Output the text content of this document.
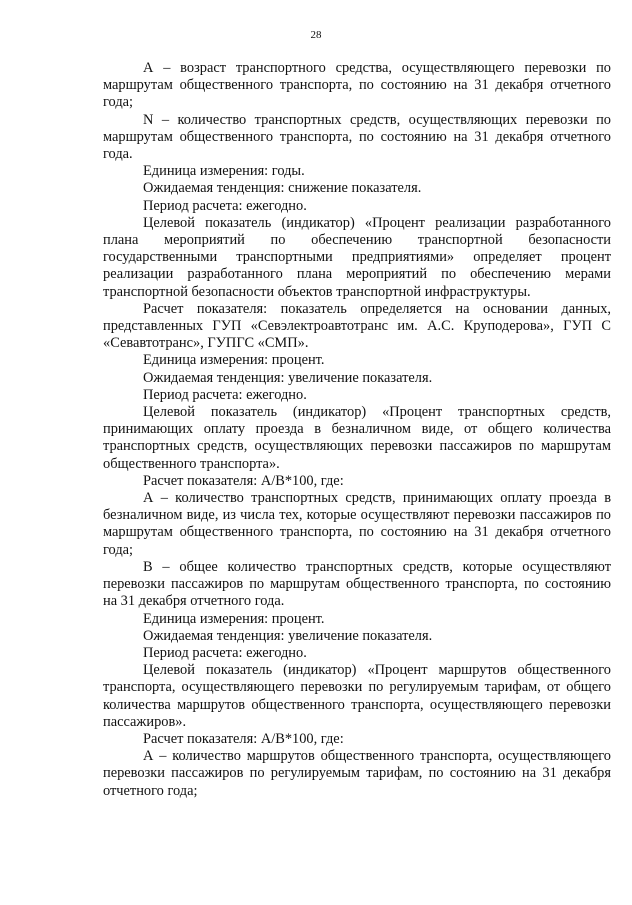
28

А – возраст транспортного средства, осуществляющего перевозки по маршрутам общественного транспорта, по состоянию на 31 декабря отчетного года;

N – количество транспортных средств, осуществляющих перевозки по маршрутам общественного транспорта, по состоянию на 31 декабря отчетного года.

Единица измерения: годы.

Ожидаемая тенденция: снижение показателя.

Период расчета: ежегодно.

Целевой показатель (индикатор) «Процент реализации разработанного плана мероприятий по обеспечению транспортной безопасности государственными транспортными предприятиями» определяет процент реализации разработанного плана мероприятий по обеспечению мерами транспортной безопасности объектов транспортной инфраструктуры.

Расчет показателя: показатель определяется на основании данных, представленных ГУП «Севэлектроавтотранс им. А.С. Круподерова», ГУП С «Севавтотранс», ГУПГС «СМП».

Единица измерения: процент.

Ожидаемая тенденция: увеличение показателя.

Период расчета: ежегодно.

Целевой показатель (индикатор) «Процент транспортных средств, принимающих оплату проезда в безналичном виде, от общего количества транспортных средств, осуществляющих перевозки пассажиров по маршрутам общественного транспорта».

Расчет показателя: A/B*100, где:

А – количество транспортных средств, принимающих оплату проезда в безналичном виде, из числа тех, которые осуществляют перевозки пассажиров по маршрутам общественного транспорта, по состоянию на 31 декабря отчетного года;

В – общее количество транспортных средств, которые осуществляют перевозки пассажиров по маршрутам общественного транспорта, по состоянию на 31 декабря отчетного года.

Единица измерения: процент.

Ожидаемая тенденция: увеличение показателя.

Период расчета: ежегодно.

Целевой показатель (индикатор) «Процент маршрутов общественного транспорта, осуществляющего перевозки по регулируемым тарифам, от общего количества маршрутов общественного транспорта, осуществляющего перевозки пассажиров».

Расчет показателя: A/B*100, где:

А – количество маршрутов общественного транспорта, осуществляющего перевозки пассажиров по регулируемым тарифам, по состоянию на 31 декабря отчетного года;
